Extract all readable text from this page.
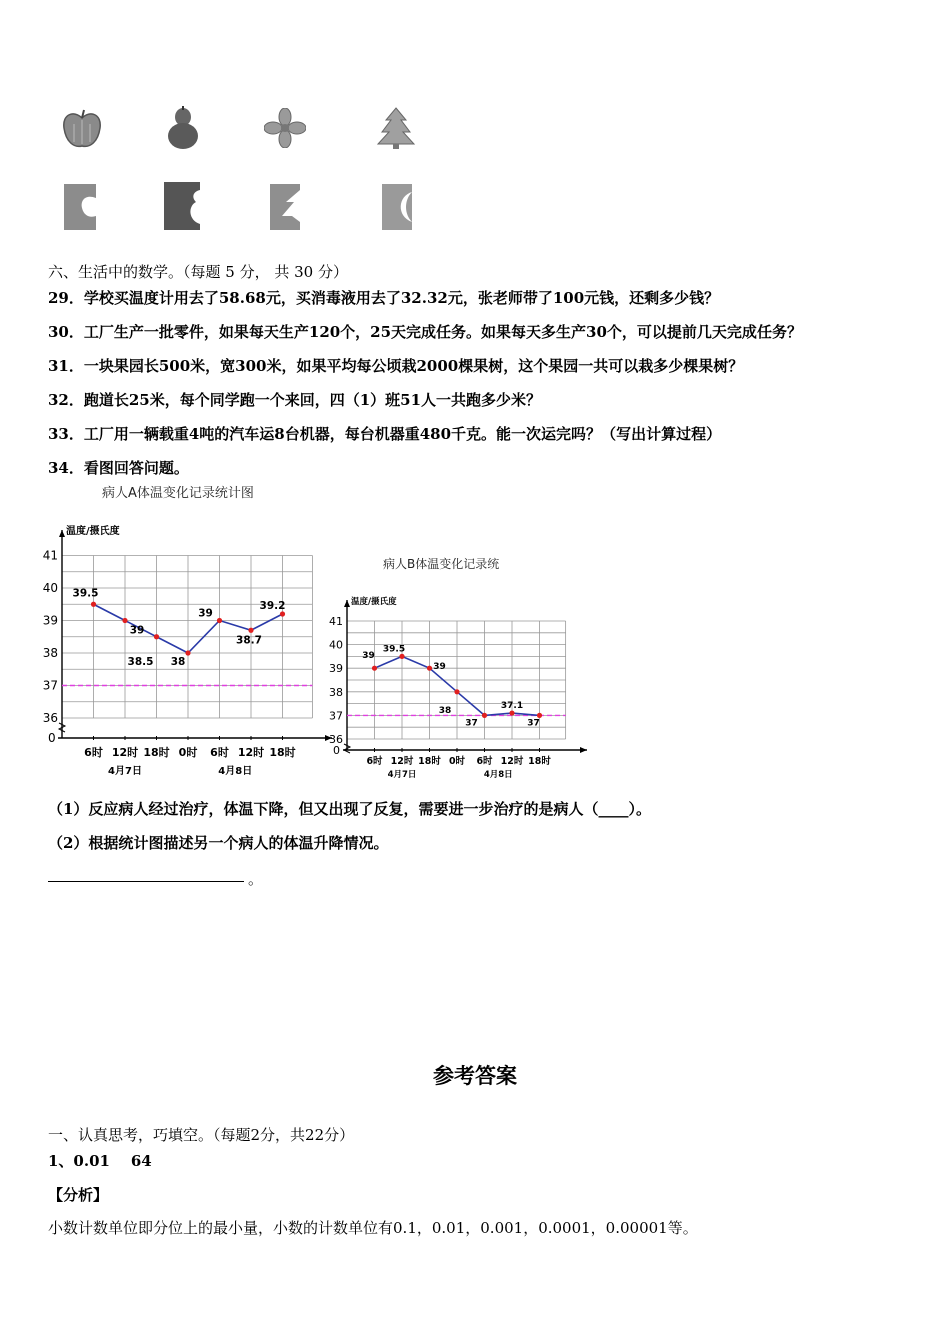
六、生活中的数学。（每题 5 分， 共 30 分）
29．学校买温度计用去了58.68元，买消毒液用去了32.32元，张老师带了100元钱，还剩多少钱？
30．工厂生产一批零件，如果每天生产120个，25天完成任务。如果每天多生产30个，可以提前几天完成任务？
31．一块果园长500米，宽300米，如果平均每公顷栽2000棵果树，这个果园一共可以栽多少棵果树？
32．跑道长25米，每个同学跑一个来回，四（1）班51人一共跑多少米？
33．工厂用一辆载重4吨的汽车运8台机器，每台机器重480千克。能一次运完吗？（写出计算过程）
34．看图回答问题。
病人A体温变化记录统计图
温度/摄氏度
0
36
37
38
39
40
41
6时 12时 18时 0时 6时 12时 18时
4月7日	4月8日
39.5
39
38.5 38
39
38.7
39.2
病人B体温变化记录统
温度/摄氏度
0
36
37
38
39
40
41
6时 12时 18时 0时 6时 12时 18时
4月7日	4月8日
39
39.5
39
38
37
37.1
37
（1）反应病人经过治疗，体温下降，但又出现了反复，需要进一步治疗的是病人（____）。
（2）根据统计图描述另一个病人的体温升降情况。
。
参考答案
一、认真思考，巧填空。（每题2分，共22分）
1、0.01    64
【分析】
小数计数单位即分位上的最小量，小数的计数单位有0.1，0.01，0.001，0.0001，0.00001等。
